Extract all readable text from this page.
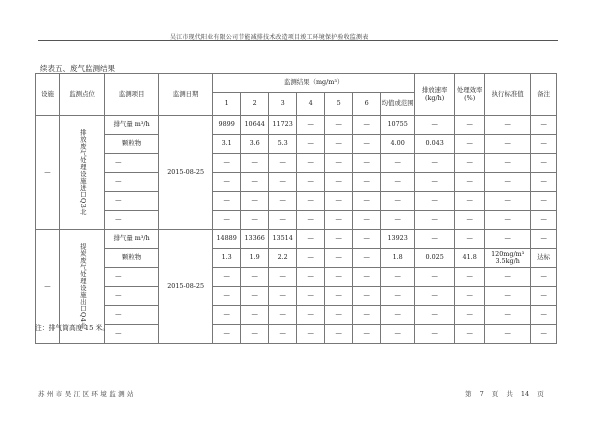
吴江市现代阳业有限公司节能减排技术改造项目竣工环境保护验收监测表
续表五、废气监测结果
设施	监测点位	监测项目	监测日期	监测结果（mg/m³）							排放速率(kg/h)	处理效率(%)	执行标准值	备注
				1	2	3	4	5	6	均值或范围				
—	排放废气处理设施进口Q3北	排气量 m³/h	2015-08-25	9899	10644	11723	—	—	—	10755	—	—	—	—
		颗粒物		3.1	3.6	5.3	—	—	—	4.00	0.043	—	—	—
		—		—	—	—	—	—	—	—	—	—	—	—
		—		—	—	—	—	—	—	—	—	—	—	—
		—		—	—	—	—	—	—	—	—	—	—	—
		—		—	—	—	—	—	—	—	—	—	—	—
—	提炭废气处理设施出口Q4北	排气量 m³/h	2015-08-25	14889	13366	13514	—	—	—	13923	—	—	—	—
		颗粒物		1.3	1.9	2.2	—	—	—	1.8	0.025	41.8	120mg/m³ 3.5kg/h	达标
		—		—	—	—	—	—	—	—	—	—	—	—
		—		—	—	—	—	—	—	—	—	—	—	—
		—		—	—	—	—	—	—	—	—	—	—	—
		—		—	—	—	—	—	—	—	—	—	—	—
注：排气筒高度 15 米。
苏州市吴江区环境监测站	第 7 页 共 14 页
